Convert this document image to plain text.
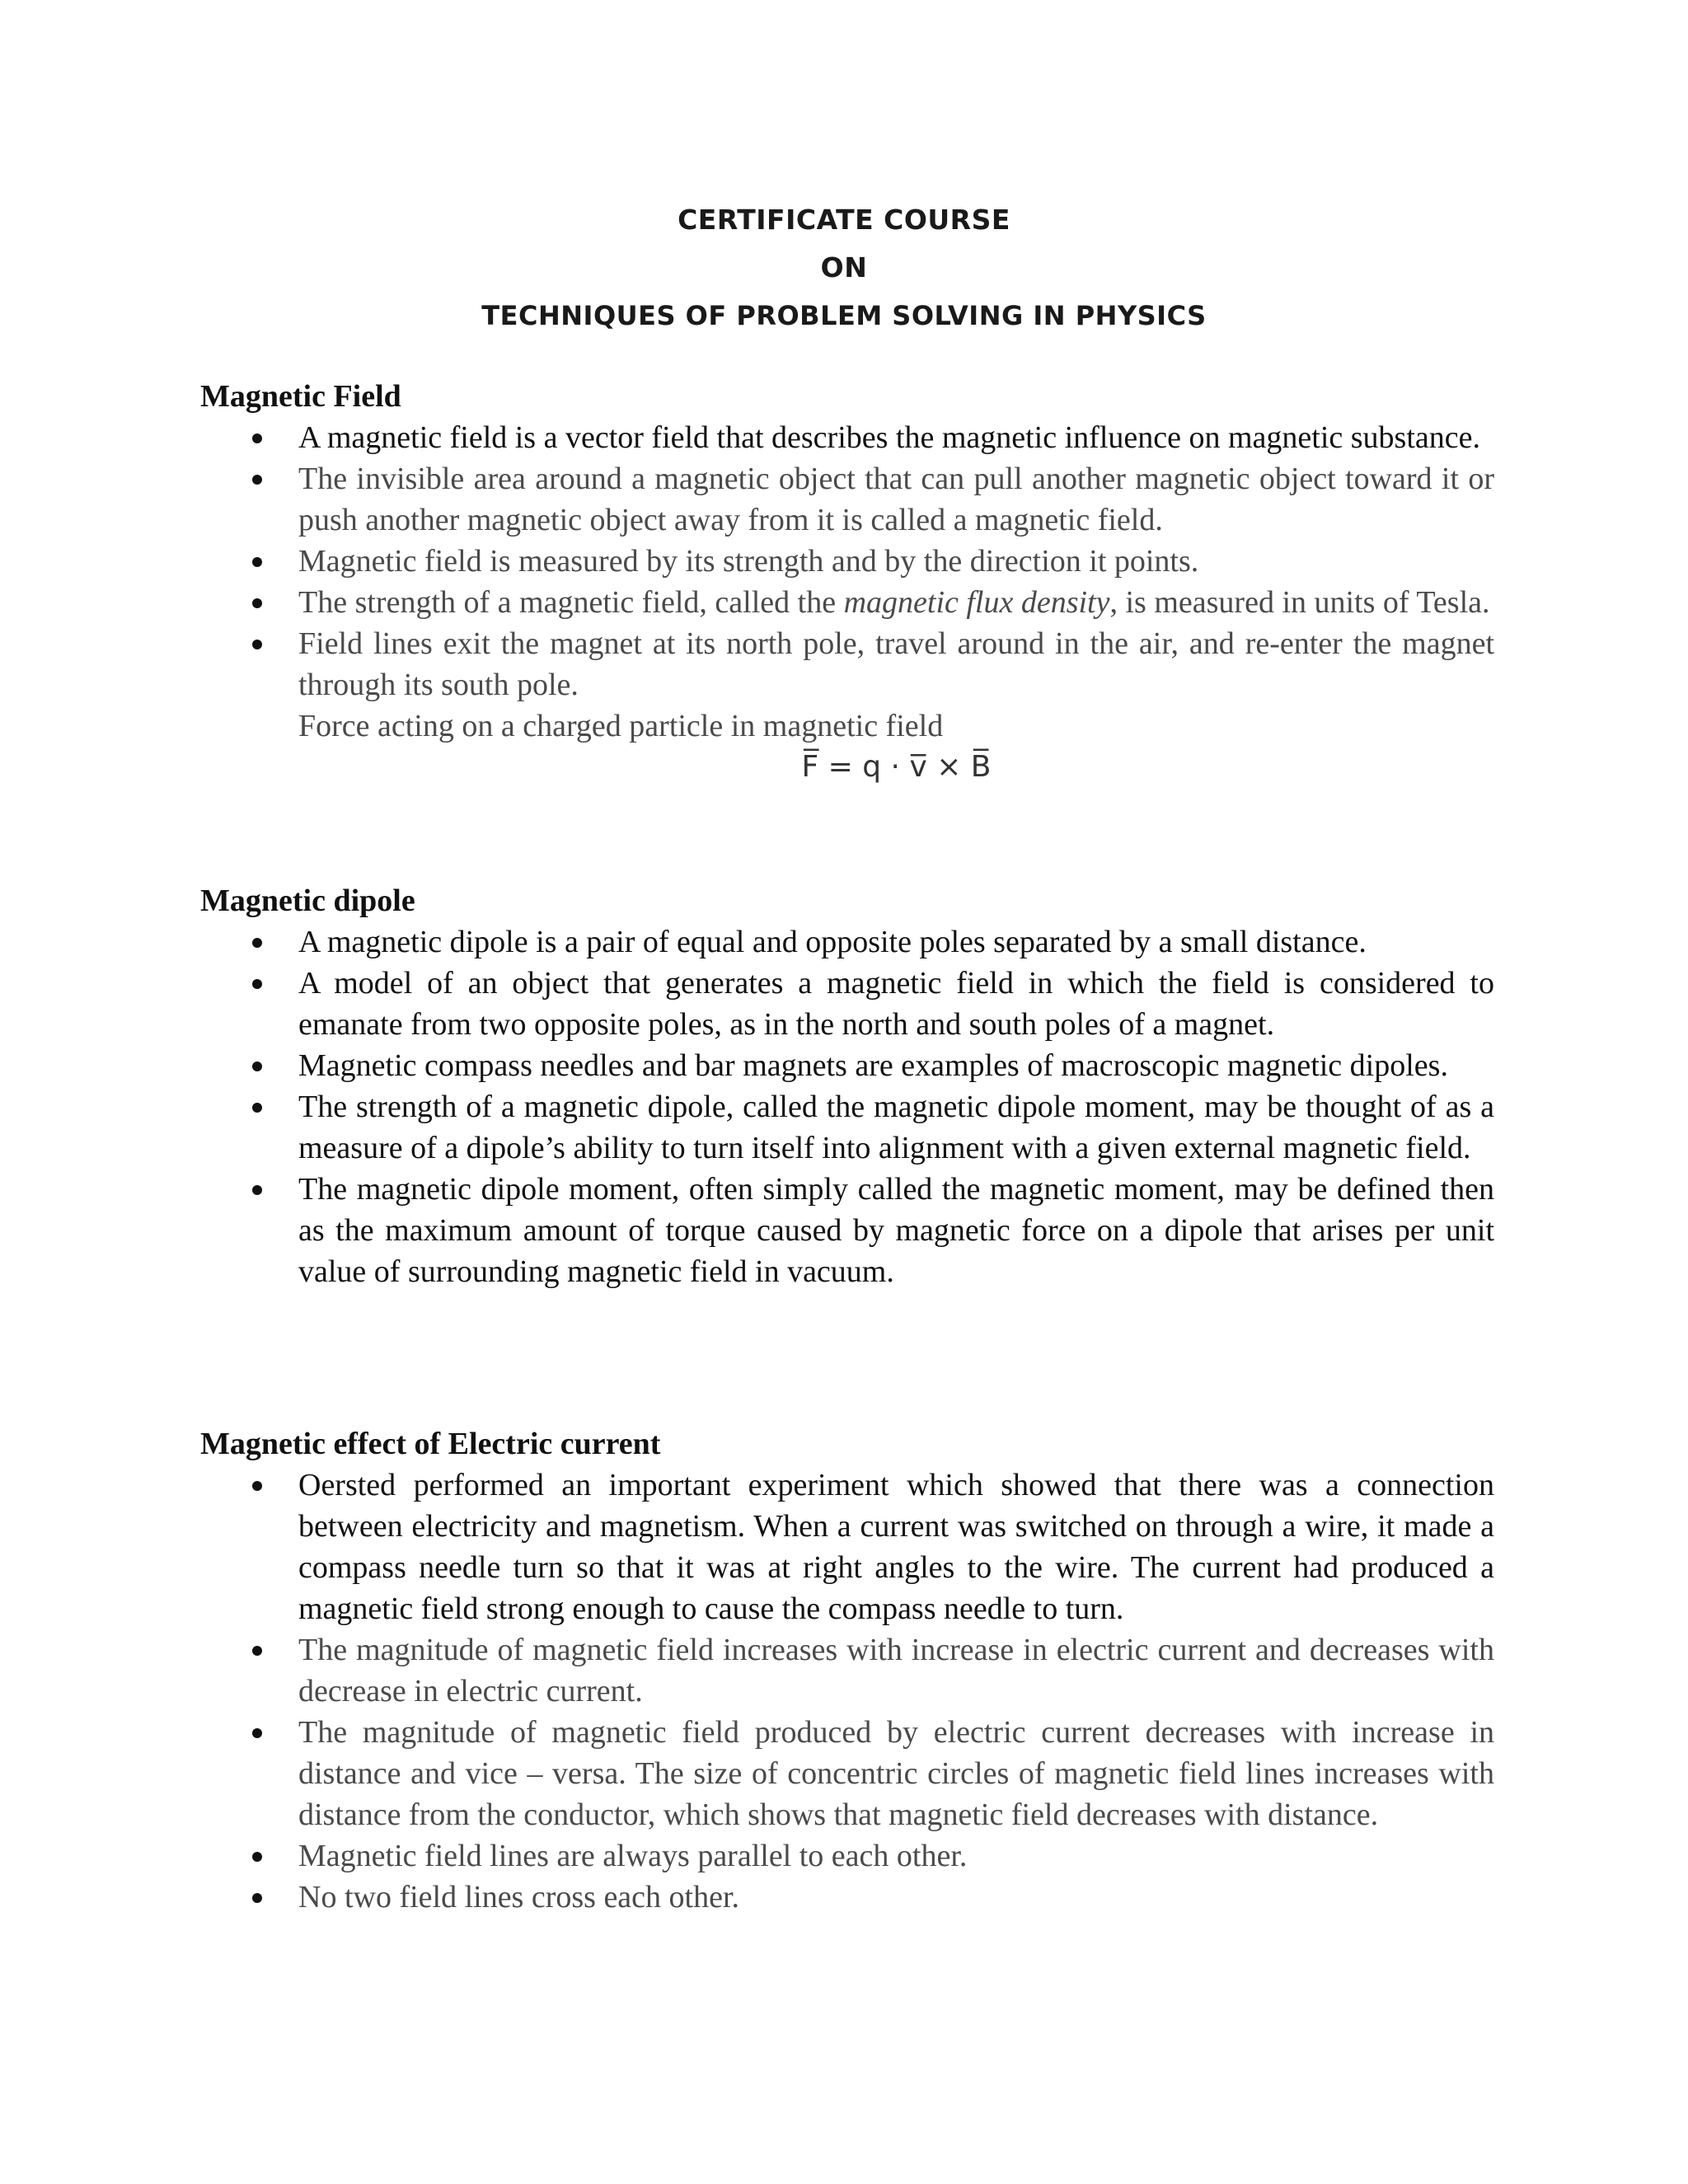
CERTIFICATE COURSE

ON

TECHNIQUES OF PROBLEM SOLVING IN PHYSICS

Magnetic Field

A magnetic field is a vector field that describes the magnetic influence on magnetic substance.
The invisible area around a magnetic object that can pull another magnetic object toward it or push another magnetic object away from it is called a magnetic field.
Magnetic field is measured by its strength and by the direction it points.
The strength of a magnetic field, called the magnetic flux density, is measured in units of Tesla.
Field lines exit the magnet at its north pole, travel around in the air, and re-enter the magnet through its south pole.
Force acting on a charged particle in magnetic field
F̅ = q · v̅ × B̅

Magnetic dipole

A magnetic dipole is a pair of equal and opposite poles separated by a small distance.
A model of an object that generates a magnetic field in which the field is considered to emanate from two opposite poles, as in the north and south poles of a magnet.
Magnetic compass needles and bar magnets are examples of macroscopic magnetic dipoles.
The strength of a magnetic dipole, called the magnetic dipole moment, may be thought of as a measure of a dipole’s ability to turn itself into alignment with a given external magnetic field.
The magnetic dipole moment, often simply called the magnetic moment, may be defined then as the maximum amount of torque caused by magnetic force on a dipole that arises per unit value of surrounding magnetic field in vacuum.

Magnetic effect of Electric current

Oersted performed an important experiment which showed that there was a connection between electricity and magnetism. When a current was switched on through a wire, it made a compass needle turn so that it was at right angles to the wire. The current had produced a magnetic field strong enough to cause the compass needle to turn.
The magnitude of magnetic field increases with increase in electric current and decreases with decrease in electric current.
The magnitude of magnetic field produced by electric current decreases with increase in distance and vice – versa. The size of concentric circles of magnetic field lines increases with distance from the conductor, which shows that magnetic field decreases with distance.
Magnetic field lines are always parallel to each other.
No two field lines cross each other.
